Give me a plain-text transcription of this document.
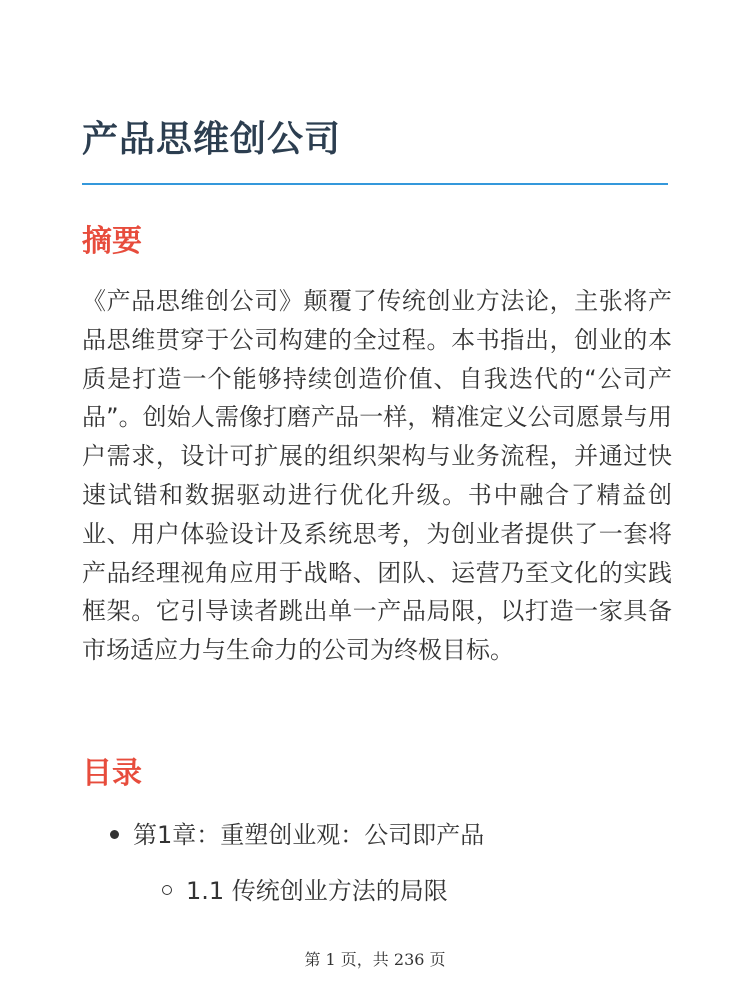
产品思维创公司
摘要

《产品思维创公司》颠覆了传统创业方法论，主张将产品思维贯穿于公司构建的全过程。本书指出，创业的本质是打造一个能够持续创造价值、自我迭代的“公司产品”。创始人需像打磨产品一样，精准定义公司愿景与用户需求，设计可扩展的组织架构与业务流程，并通过快速试错和数据驱动进行优化升级。书中融合了精益创业、用户体验设计及系统思考，为创业者提供了一套将产品经理视角应用于战略、团队、运营乃至文化的实践框架。它引导读者跳出单一产品局限，以打造一家具备市场适应力与生命力的公司为终极目标。

目录
第1章：重塑创业观：公司即产品
1.1 传统创业方法的局限
第 1 页，共 236 页
